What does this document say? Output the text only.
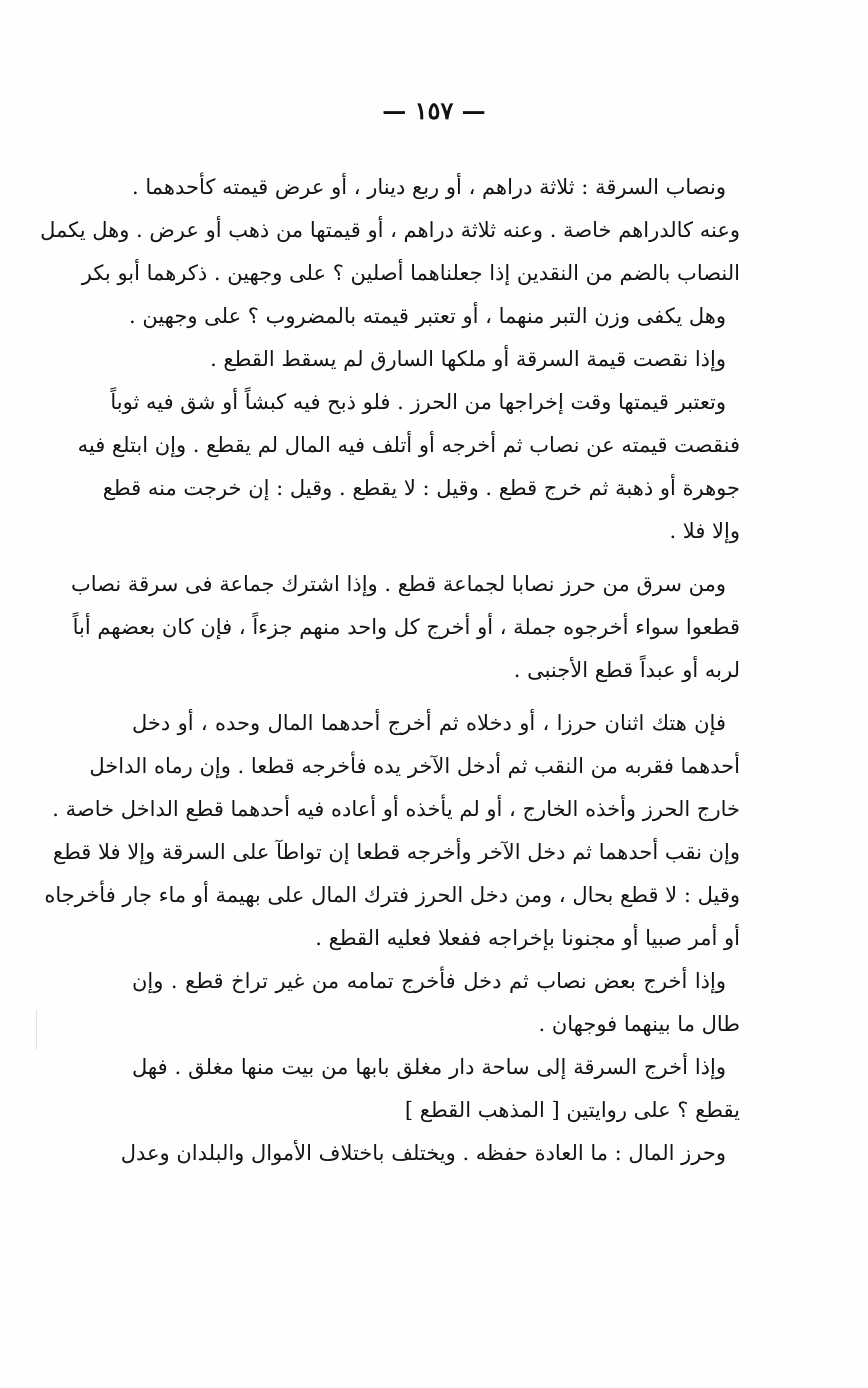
— ١٥٧ —
ونصاب السرقة : ثلاثة دراهم ، أو ربع دينار ، أو عرض قيمته كأحدهما .
وعنه كالدراهم خاصة . وعنه ثلاثة دراهم ، أو قيمتها من ذهب أو عرض . وهل يكمل
النصاب بالضم من النقدين إذا جعلناهما أصلين ؟ على وجهين . ذكرهما أبو بكر
وهل يكفى وزن التبر منهما ، أو تعتبر قيمته بالمضروب ؟ على وجهين .
وإذا نقصت قيمة السرقة أو ملكها السارق لم يسقط القطع .
وتعتبر قيمتها وقت إخراجها من الحرز . فلو ذبح فيه كبشاً أو شق فيه ثوباً
فنقصت قيمته عن نصاب ثم أخرجه أو أتلف فيه المال لم يقطع . وإن ابتلع فيه
جوهرة أو ذهبة ثم خرج قطع . وقيل : لا يقطع . وقيل : إن خرجت منه قطع
وإلا فلا .
ومن سرق من حرز نصابا لجماعة قطع . وإذا اشترك جماعة فى سرقة نصاب
قطعوا سواء أخرجوه جملة ، أو أخرج كل واحد منهم جزءاً ، فإن كان بعضهم أباً
لربه أو عبداً قطع الأجنبى .
فإن هتك اثنان حرزا ، أو دخلاه ثم أخرج أحدهما المال وحده ، أو دخل
أحدهما فقربه من النقب ثم أدخل الآخر يده فأخرجه قطعا . وإن رماه الداخل
خارج الحرز وأخذه الخارج ، أو لم يأخذه أو أعاده فيه أحدهما قطع الداخل خاصة .
وإن نقب أحدهما ثم دخل الآخر وأخرجه قطعا إن تواطآ على السرقة وإلا فلا قطع
وقيل : لا قطع بحال ، ومن دخل الحرز فترك المال على بهيمة أو ماء جار فأخرجاه
أو أمر صبيا أو مجنونا بإخراجه ففعلا فعليه القطع .
وإذا أخرج بعض نصاب ثم دخل فأخرج تمامه من غير تراخ قطع . وإن
طال ما بينهما فوجهان .
وإذا أخرج السرقة إلى ساحة دار مغلق بابها من بيت منها مغلق . فهل
يقطع ؟ على روايتين [ المذهب القطع ]
وحرز المال : ما العادة حفظه . ويختلف باختلاف الأموال والبلدان وعدل
